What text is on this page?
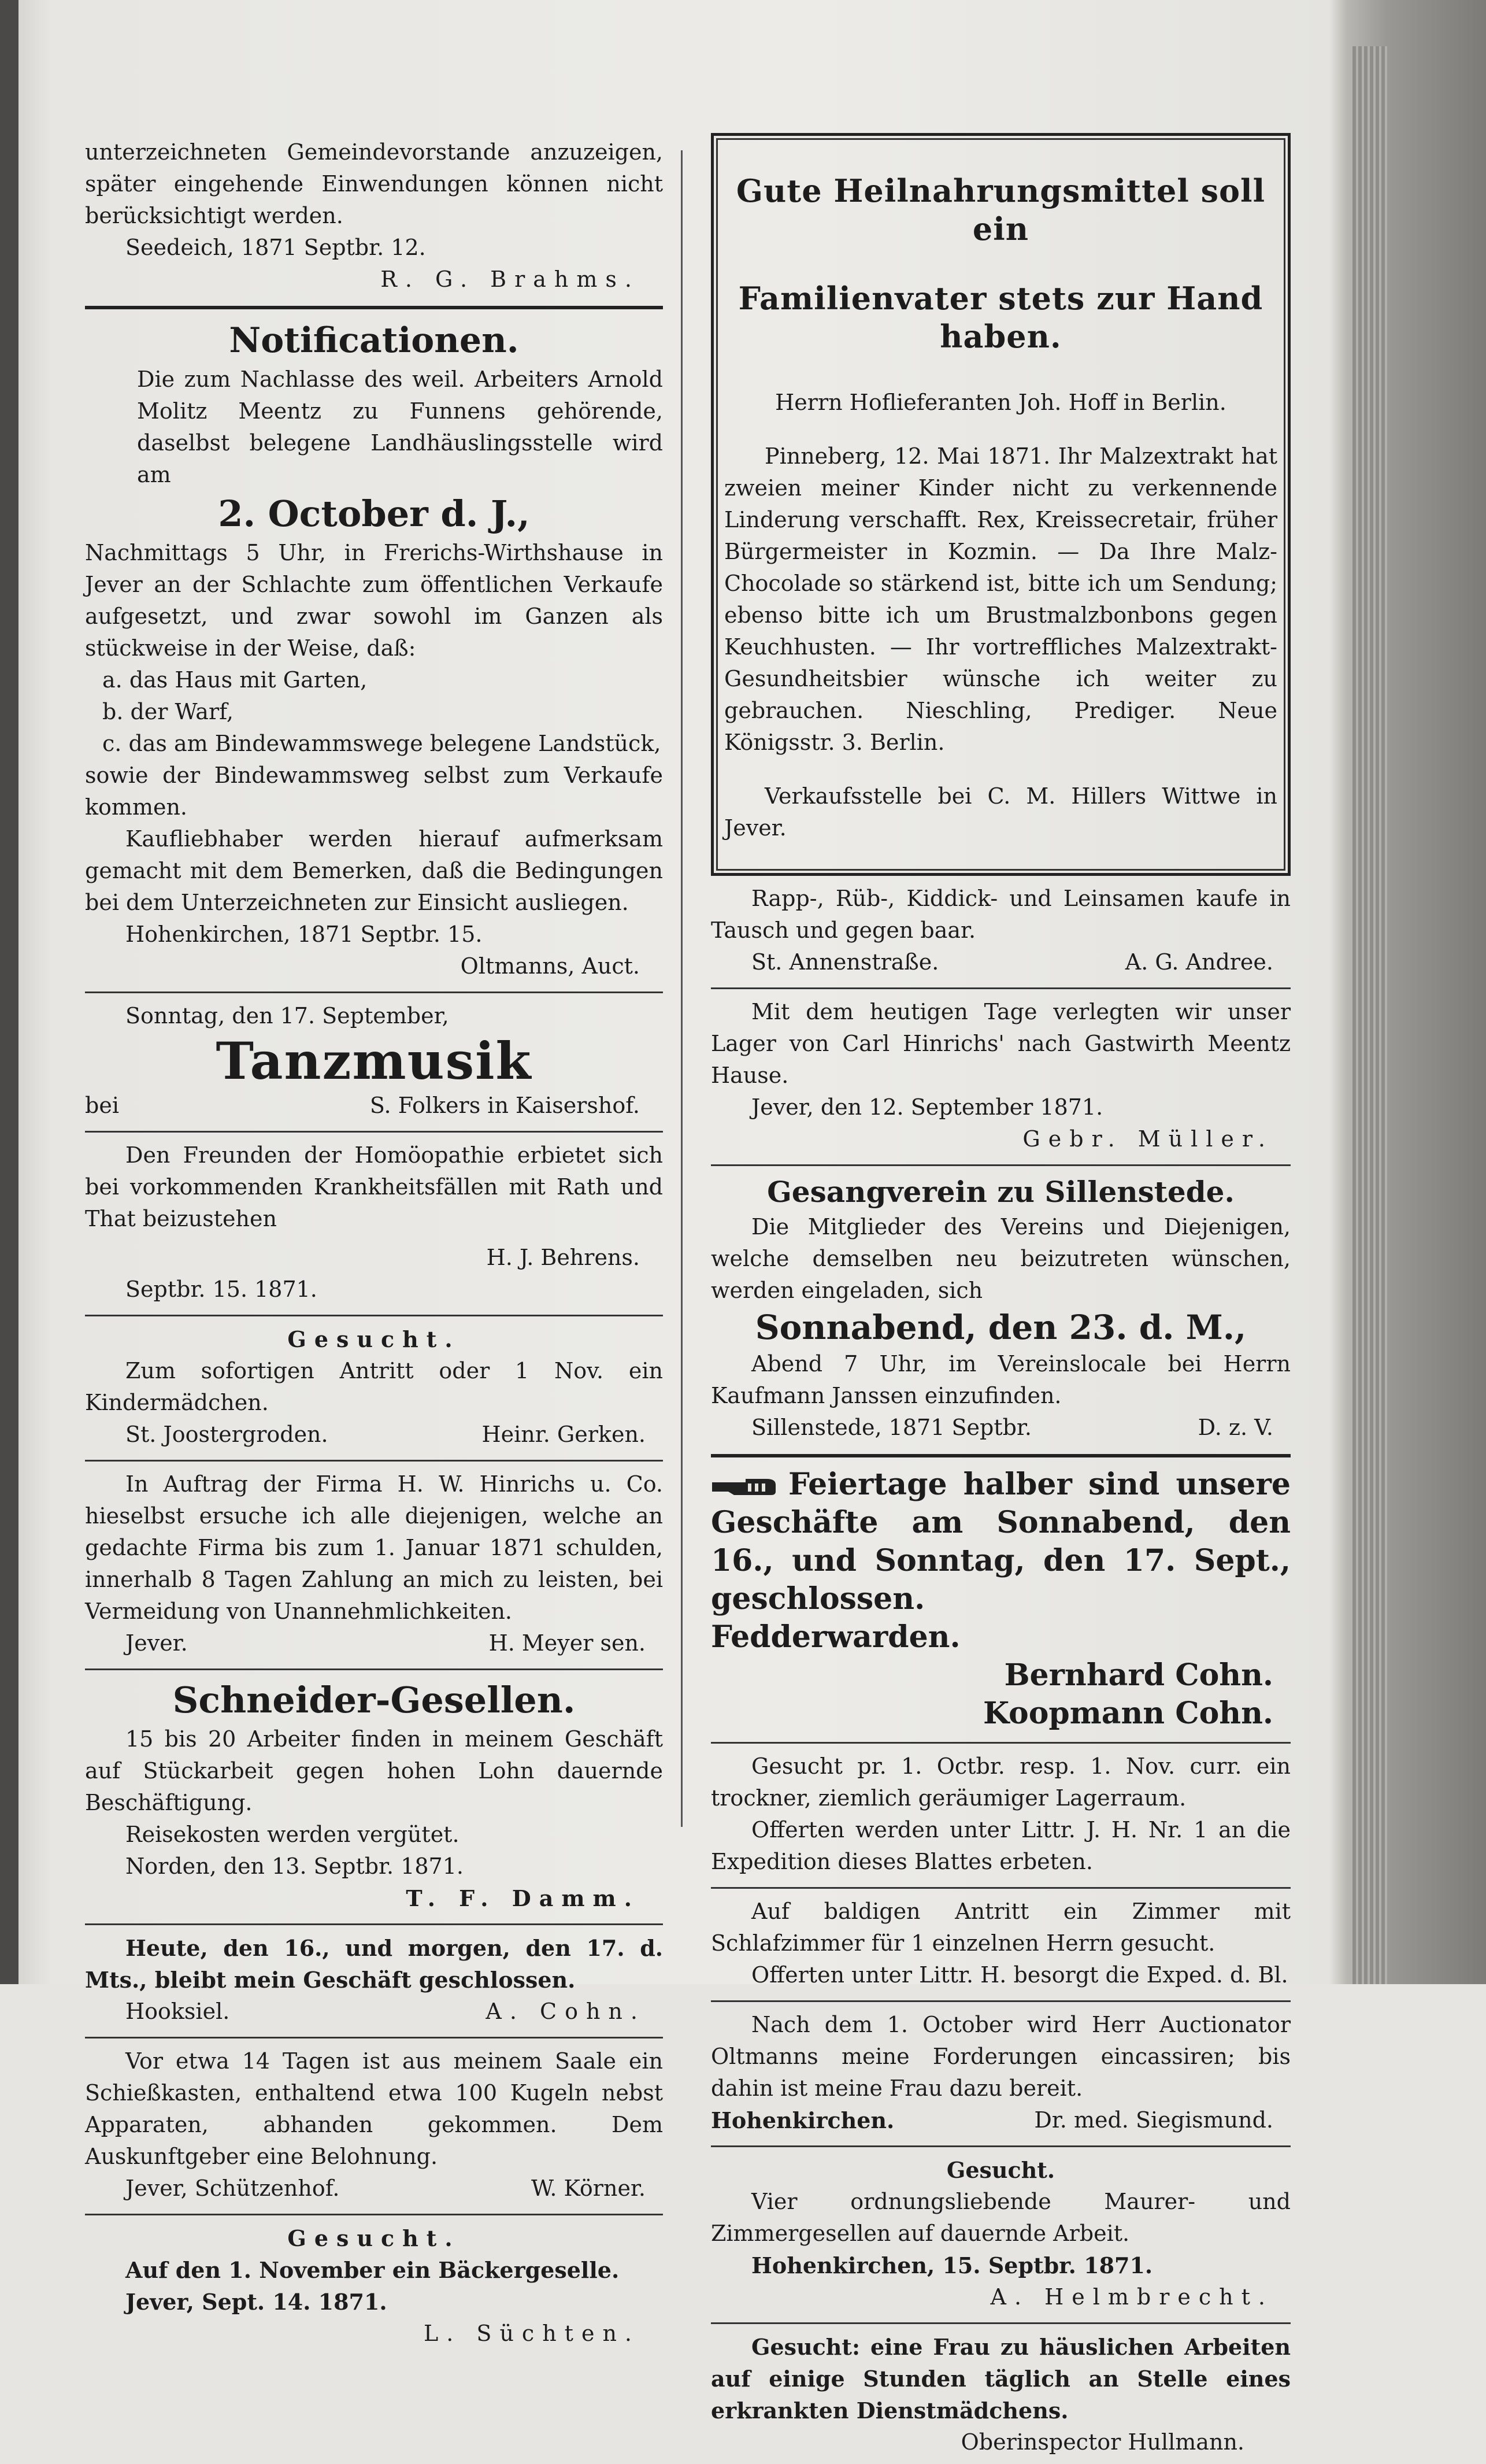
unterzeichneten Gemeindevorstande anzuzeigen, später eingehende Einwendungen können nicht berücksichtigt werden.

Seedeich, 1871 Septbr. 12.

R. G. Brahms.

Notificationen.

Die zum Nachlasse des weil. Arbeiters Arnold Molitz Meentz zu Funnens gehörende, daselbst belegene Landhäuslingsstelle wird am

2. October d. J.,

Nachmittags 5 Uhr, in Frerichs-Wirthshause in Jever an der Schlachte zum öffentlichen Verkaufe aufgesetzt, und zwar sowohl im Ganzen als stückweise in der Weise, daß:

a. das Haus mit Garten,

b. der Warf,

c. das am Bindewammswege belegene Landstück,

sowie der Bindewammsweg selbst zum Verkaufe kommen.

Kaufliebhaber werden hierauf aufmerksam gemacht mit dem Bemerken, daß die Bedingungen bei dem Unterzeichneten zur Einsicht ausliegen.

Hohenkirchen, 1871 Septbr. 15.

Oltmanns, Auct.

Sonntag, den 17. September,

Tanzmusik

bei	S. Folkers in Kaisershof.

Den Freunden der Homöopathie erbietet sich bei vorkommenden Krankheitsfällen mit Rath und That beizustehen

H. J. Behrens.

Septbr. 15. 1871.

Gesucht.

Zum sofortigen Antritt oder 1 Nov. ein Kindermädchen.

St. Joostergroden.	Heinr. Gerken.

In Auftrag der Firma H. W. Hinrichs u. Co. hieselbst ersuche ich alle diejenigen, welche an gedachte Firma bis zum 1. Januar 1871 schulden, innerhalb 8 Tagen Zahlung an mich zu leisten, bei Vermeidung von Unannehmlichkeiten.

Jever.	H. Meyer sen.

Schneider-Gesellen.

15 bis 20 Arbeiter finden in meinem Geschäft auf Stückarbeit gegen hohen Lohn dauernde Beschäftigung.

Reisekosten werden vergütet.

Norden, den 13. Septbr. 1871.

T. F. Damm.

Heute, den 16., und morgen, den 17. d. Mts., bleibt mein Geschäft geschlossen.

Hooksiel.	A. Cohn.

Vor etwa 14 Tagen ist aus meinem Saale ein Schießkasten, enthaltend etwa 100 Kugeln nebst Apparaten, abhanden gekommen. Dem Auskunftgeber eine Belohnung.

Jever, Schützenhof.	W. Körner.

Gesucht.

Auf den 1. November ein Bäckergeselle.

Jever, Sept. 14. 1871.

L. Süchten.

Gute Heilnahrungsmittel soll ein

Familienvater stets zur Hand haben.

Herrn Hoflieferanten Joh. Hoff in Berlin.

Pinneberg, 12. Mai 1871. Ihr Malzextrakt hat zweien meiner Kinder nicht zu verkennende Linderung verschafft. Rex, Kreissecretair, früher Bürgermeister in Kozmin. — Da Ihre Malz-Chocolade so stärkend ist, bitte ich um Sendung; ebenso bitte ich um Brustmalzbonbons gegen Keuchhusten. — Ihr vortreffliches Malzextrakt-Gesundheitsbier wünsche ich weiter zu gebrauchen. Nieschling, Prediger. Neue Königsstr. 3. Berlin.

Verkaufsstelle bei C. M. Hillers Wittwe in Jever.

Rapp-, Rüb-, Kiddick- und Leinsamen kaufe in Tausch und gegen baar.

St. Annenstraße.	A. G. Andree.

Mit dem heutigen Tage verlegten wir unser Lager von Carl Hinrichs' nach Gastwirth Meentz Hause.

Jever, den 12. September 1871.

Gebr. Müller.

Gesangverein zu Sillenstede.

Die Mitglieder des Vereins und Diejenigen, welche demselben neu beizutreten wünschen, werden eingeladen, sich

Sonnabend, den 23. d. M.,

Abend 7 Uhr, im Vereinslocale bei Herrn Kaufmann Janssen einzufinden.

Sillenstede, 1871 Septbr.	D. z. V.

Feiertage halber sind unsere Geschäfte am Sonnabend, den 16., und Sonntag, den 17. Sept., geschlossen.

Fedderwarden.

Bernhard Cohn.

Koopmann Cohn.

Gesucht pr. 1. Octbr. resp. 1. Nov. curr. ein trockner, ziemlich geräumiger Lagerraum.

Offerten werden unter Littr. J. H. Nr. 1 an die Expedition dieses Blattes erbeten.

Auf baldigen Antritt ein Zimmer mit Schlafzimmer für 1 einzelnen Herrn gesucht.

Offerten unter Littr. H. besorgt die Exped. d. Bl.

Nach dem 1. October wird Herr Auctionator Oltmanns meine Forderungen eincassiren; bis dahin ist meine Frau dazu bereit.

Hohenkirchen.	Dr. med. Siegismund.

Gesucht.

Vier ordnungsliebende Maurer- und Zimmergesellen auf dauernde Arbeit.

Hohenkirchen, 15. Septbr. 1871.

A. Helmbrecht.

Gesucht: eine Frau zu häuslichen Arbeiten auf einige Stunden täglich an Stelle eines erkrankten Dienstmädchens.

Oberinspector Hullmann.
